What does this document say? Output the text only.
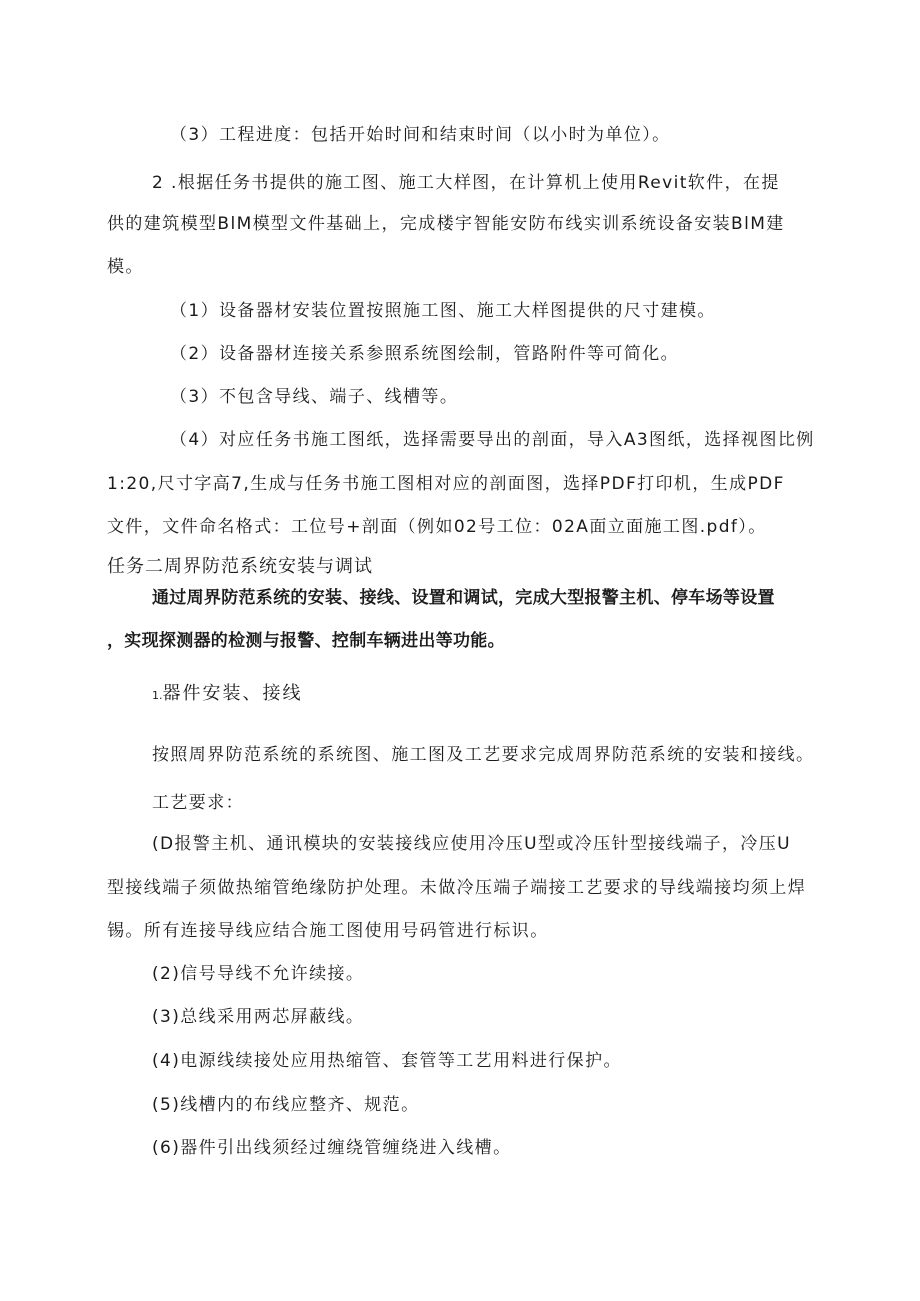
（3）工程进度：包括开始时间和结束时间（以小时为单位）。
2 .根据任务书提供的施工图、施工大样图，在计算机上使用Revit软件，在提
供的建筑模型BlM模型文件基础上，完成楼宇智能安防布线实训系统设备安装BlM建
模。
（1）设备器材安装位置按照施工图、施工大样图提供的尺寸建模。
（2）设备器材连接关系参照系统图绘制，管路附件等可简化。
（3）不包含导线、端子、线槽等。
（4）对应任务书施工图纸，选择需要导出的剖面，导入A3图纸，选择视图比例
1:20,尺寸字高7,生成与任务书施工图相对应的剖面图，选择PDF打印机，生成PDF
文件，文件命名格式：工位号+剖面（例如02号工位：02A面立面施工图.pdf）。
任务二周界防范系统安装与调试
通过周界防范系统的安装、接线、设置和调试，完成大型报警主机、停车场等设置
，实现探测器的检测与报警、控制车辆进出等功能。
1.器件安装、接线
按照周界防范系统的系统图、施工图及工艺要求完成周界防范系统的安装和接线。
工艺要求：
(D报警主机、通讯模块的安装接线应使用冷压U型或冷压针型接线端子，冷压U
型接线端子须做热缩管绝缘防护处理。未做冷压端子端接工艺要求的导线端接均须上焊
锡。所有连接导线应结合施工图使用号码管进行标识。
(2)信号导线不允许续接。
(3)总线采用两芯屏蔽线。
(4)电源线续接处应用热缩管、套管等工艺用料进行保护。
(5)线槽内的布线应整齐、规范。
(6)器件引出线须经过缠绕管缠绕进入线槽。
